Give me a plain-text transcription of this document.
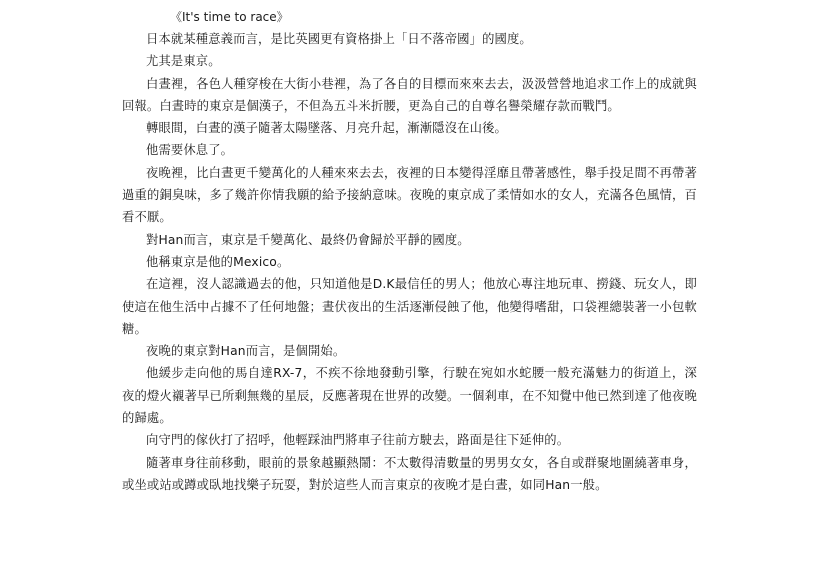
《It's time to race》

日本就某種意義而言，是比英國更有資格掛上「日不落帝國」的國度。

尤其是東京。

白晝裡，各色人種穿梭在大街小巷裡，為了各自的目標而來來去去，汲汲營營地追求工作上的成就與回報。白晝時的東京是個漢子，不但為五斗米折腰，更為自己的自尊名譽榮耀存款而戰鬥。

轉眼間，白晝的漢子隨著太陽墜落、月亮升起，漸漸隱沒在山後。

他需要休息了。

夜晚裡，比白晝更千變萬化的人種來來去去，夜裡的日本變得淫靡且帶著感性，舉手投足間不再帶著過重的銅臭味，多了幾許你情我願的給予接納意味。夜晚的東京成了柔情如水的女人，充滿各色風情，百看不厭。

對Han而言，東京是千變萬化、最終仍會歸於平靜的國度。

他稱東京是他的Mexico。

在這裡，沒人認識過去的他，只知道他是D.K最信任的男人；他放心專注地玩車、撈錢、玩女人，即使這在他生活中占據不了任何地盤；晝伏夜出的生活逐漸侵蝕了他，他變得嗜甜，口袋裡總裝著一小包軟糖。

夜晚的東京對Han而言，是個開始。

他緩步走向他的馬自達RX-7，不疾不徐地發動引擎，行駛在宛如水蛇腰一般充滿魅力的街道上，深夜的燈火襯著早已所剩無幾的星辰，反應著現在世界的改變。一個剎車，在不知覺中他已然到達了他夜晚的歸處。

向守門的傢伙打了招呼，他輕踩油門將車子往前方駛去，路面是往下延伸的。

隨著車身往前移動，眼前的景象越顯熱鬧：不太數得清數量的男男女女，各自或群聚地圍繞著車身，或坐或站或蹲或臥地找樂子玩耍，對於這些人而言東京的夜晚才是白晝，如同Han一般。
